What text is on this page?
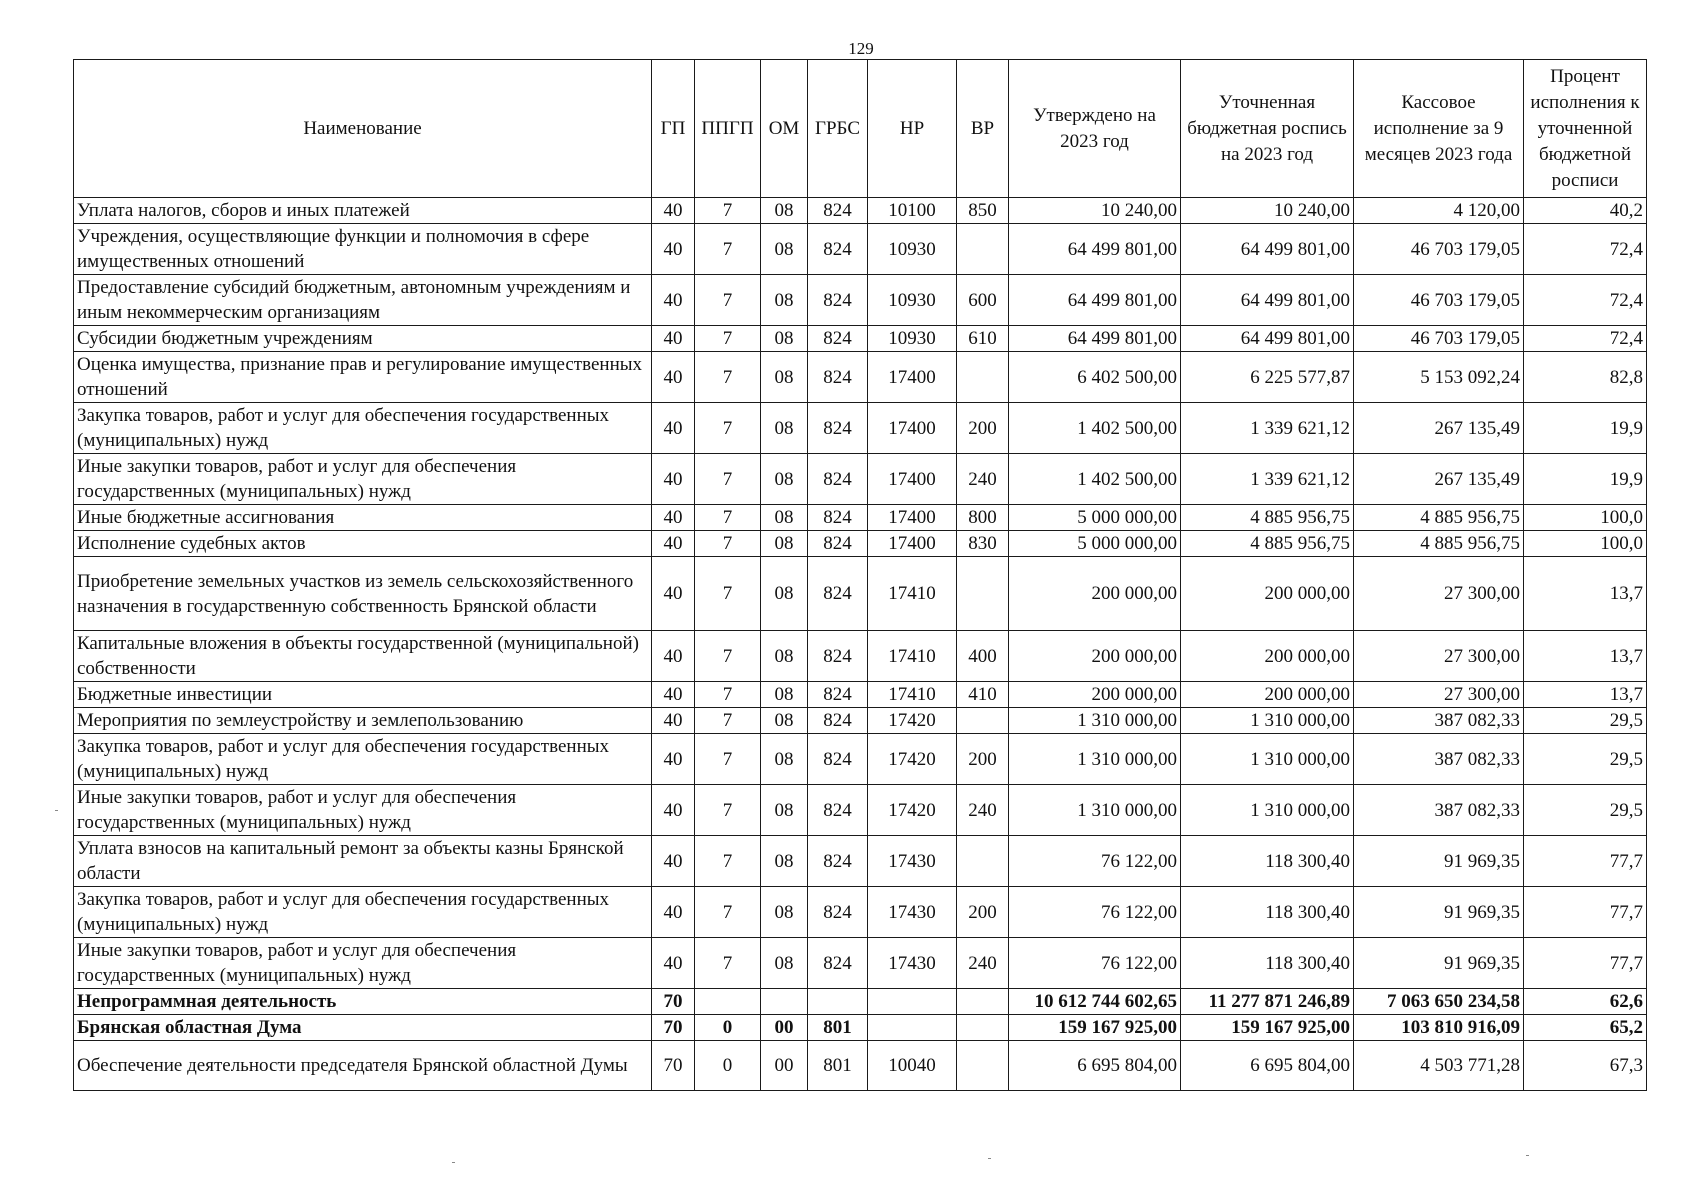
129
Наименование	ГП	ППГП	ОМ	ГРБС	НР	ВР	Утверждено на 2023 год	Уточненная бюджетная роспись на 2023 год	Кассовое исполнение за 9 месяцев 2023 года	Процент исполнения к уточненной бюджетной росписи
Уплата налогов, сборов и иных платежей	40	7	08	824	10100	850	10 240,00	10 240,00	4 120,00	40,2
Учреждения, осуществляющие функции и полномочия в сфере имущественных отношений	40	7	08	824	10930		64 499 801,00	64 499 801,00	46 703 179,05	72,4
Предоставление субсидий бюджетным, автономным учреждениям и иным некоммерческим организациям	40	7	08	824	10930	600	64 499 801,00	64 499 801,00	46 703 179,05	72,4
Субсидии бюджетным учреждениям	40	7	08	824	10930	610	64 499 801,00	64 499 801,00	46 703 179,05	72,4
Оценка имущества, признание прав и регулирование имущественных отношений	40	7	08	824	17400		6 402 500,00	6 225 577,87	5 153 092,24	82,8
Закупка товаров, работ и услуг для обеспечения государственных (муниципальных) нужд	40	7	08	824	17400	200	1 402 500,00	1 339 621,12	267 135,49	19,9
Иные закупки товаров, работ и услуг для обеспечения государственных (муниципальных) нужд	40	7	08	824	17400	240	1 402 500,00	1 339 621,12	267 135,49	19,9
Иные бюджетные ассигнования	40	7	08	824	17400	800	5 000 000,00	4 885 956,75	4 885 956,75	100,0
Исполнение судебных актов	40	7	08	824	17400	830	5 000 000,00	4 885 956,75	4 885 956,75	100,0
Приобретение земельных участков из земель сельскохозяйственного назначения в государственную собственность Брянской области	40	7	08	824	17410		200 000,00	200 000,00	27 300,00	13,7
Капитальные вложения в объекты государственной (муниципальной) собственности	40	7	08	824	17410	400	200 000,00	200 000,00	27 300,00	13,7
Бюджетные инвестиции	40	7	08	824	17410	410	200 000,00	200 000,00	27 300,00	13,7
Мероприятия по землеустройству и землепользованию	40	7	08	824	17420		1 310 000,00	1 310 000,00	387 082,33	29,5
Закупка товаров, работ и услуг для обеспечения государственных (муниципальных) нужд	40	7	08	824	17420	200	1 310 000,00	1 310 000,00	387 082,33	29,5
Иные закупки товаров, работ и услуг для обеспечения государственных (муниципальных) нужд	40	7	08	824	17420	240	1 310 000,00	1 310 000,00	387 082,33	29,5
Уплата взносов на капитальный ремонт за объекты казны Брянской области	40	7	08	824	17430		76 122,00	118 300,40	91 969,35	77,7
Закупка товаров, работ и услуг для обеспечения государственных (муниципальных) нужд	40	7	08	824	17430	200	76 122,00	118 300,40	91 969,35	77,7
Иные закупки товаров, работ и услуг для обеспечения государственных (муниципальных) нужд	40	7	08	824	17430	240	76 122,00	118 300,40	91 969,35	77,7
Непрограммная деятельность	70						10 612 744 602,65	11 277 871 246,89	7 063 650 234,58	62,6
Брянская областная Дума	70	0	00	801			159 167 925,00	159 167 925,00	103 810 916,09	65,2
Обеспечение деятельности председателя Брянской областной Думы	70	0	00	801	10040		6 695 804,00	6 695 804,00	4 503 771,28	67,3
